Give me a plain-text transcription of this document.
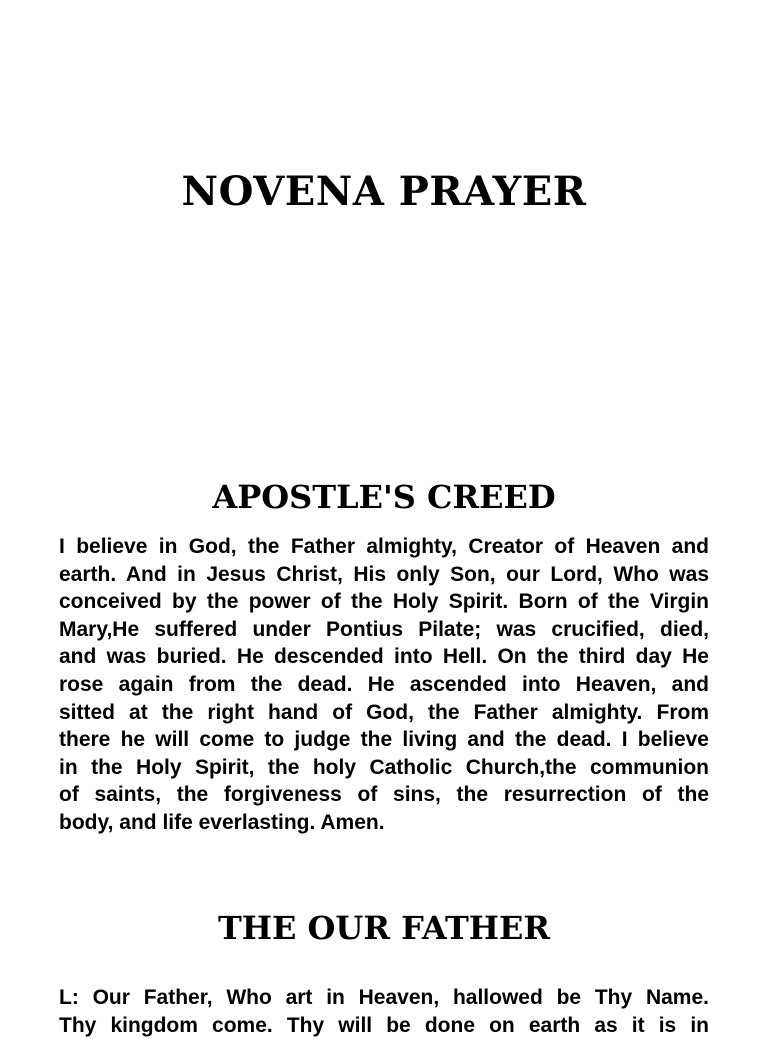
NOVENA PRAYER
APOSTLE'S CREED

I believe in God, the Father almighty, Creator of Heaven and
earth. And in Jesus Christ, His only Son, our Lord, Who was
conceived by the power of the Holy Spirit. Born of the Virgin
Mary,He suffered under Pontius Pilate; was crucified, died,
and was buried. He descended into Hell. On the third day He
rose again from the dead. He ascended into Heaven, and
sitted at the right hand of God, the Father almighty. From
there he will come to judge the living and the dead. I believe
in the Holy Spirit, the holy Catholic Church,the communion
of saints, the forgiveness of sins, the resurrection of the
body, and life everlasting. Amen.

THE OUR FATHER

L: Our Father, Who art in Heaven, hallowed be Thy Name.
Thy kingdom come. Thy will be done on earth as it is in
